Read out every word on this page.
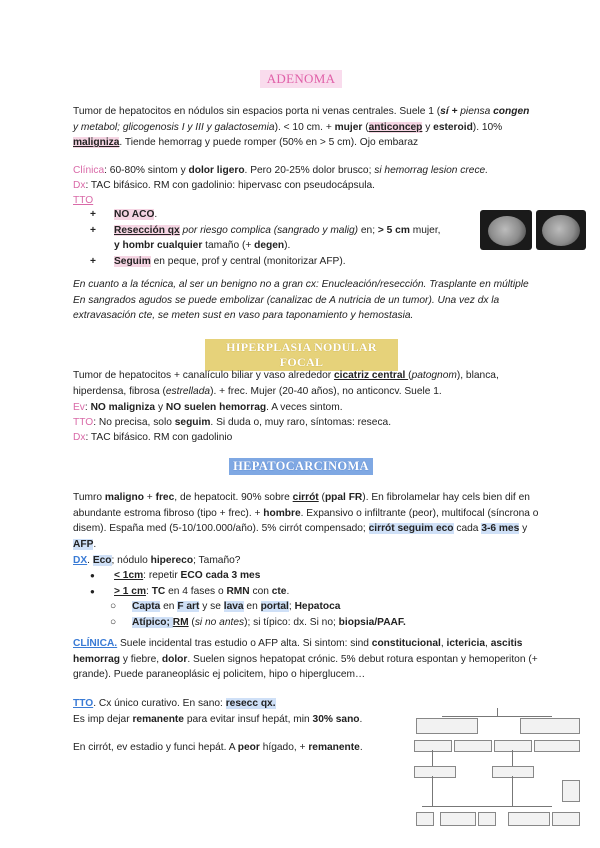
ADENOMA
Tumor de hepatocitos en nódulos sin espacios porta ni venas centrales. Suele 1 (sí + piensa congen y metabol; glicogenosis I y III y galactosemia). < 10 cm. + mujer (anticoncep y esteroid). 10% maligniza. Tiende hemorrag y puede romper (50% en > 5 cm). Ojo embaraz
Clínica: 60-80% sintom y dolor ligero. Pero 20-25% dolor brusco; si hemorrag lesion crece.
Dx: TAC bifásico. RM con gadolinio: hipervasc con pseudocápsula.
TTO
+ NO ACO.
+ Resección qx por riesgo complica (sangrado y malig) en; > 5 cm mujer,
y hombr cualquier tamaño (+ degen).
+ Seguim en peque, prof y central (monitorizar AFP).
En cuanto a la técnica, al ser un benigno no a gran cx: Enucleación/resección. Trasplante en múltiple En sangrados agudos se puede embolizar (canalizac de A nutricia de un tumor). Una vez dx la extravasación cte, se meten sust en vaso para taponamiento y hemostasia.
HIPERPLASIA NODULAR FOCAL
Tumor de hepatocitos + canalículo biliar y vaso alrededor cicatriz central (patognom), blanca, hiperdensa, fibrosa (estrellada). + frec. Mujer (20-40 años), no anticoncv. Suele 1.
Ev: NO maligniza y NO suelen hemorrag. A veces sintom.
TTO: No precisa, solo seguim. Si duda o, muy raro, síntomas: reseca.
Dx: TAC bifásico. RM con gadolinio
HEPATOCARCINOMA
Tumro maligno + frec, de hepatocit. 90% sobre cirrót (ppal FR). En fibrolamelar hay cels bien dif en abundante estroma fibroso (tipo + frec). + hombre. Expansivo o infiltrante (peor), multifocal (síncrona o disem). España med (5-10/100.000/año). 5% cirrót compensado; cirrót seguim eco cada 3-6 mes y AFP.
DX. Eco; nódulo hipereco; Tamaño?
● < 1cm: repetir ECO cada 3 mes
● > 1 cm: TC en 4 fases o RMN con cte.
○ Capta en F art y se lava en portal; Hepatoca
○ Atípico; RM (si no antes); si típico: dx. Si no; biopsia/PAAF.
CLÍNICA. Suele incidental tras estudio o AFP alta. Si sintom: sind constitucional, ictericia, ascitis hemorrag y fiebre, dolor. Suelen signos hepatopat crónic. 5% debut rotura espontan y hemoperiton (+ grande). Puede paraneoplásic ej policitem, hipo o hiperglucem…
TTO. Cx único curativo. En sano: resecc qx.
Es imp dejar remanente para evitar insuf hepát, min 30% sano.
En cirrót, ev estadio y funci hepát. A peor hígado, + remanente.
